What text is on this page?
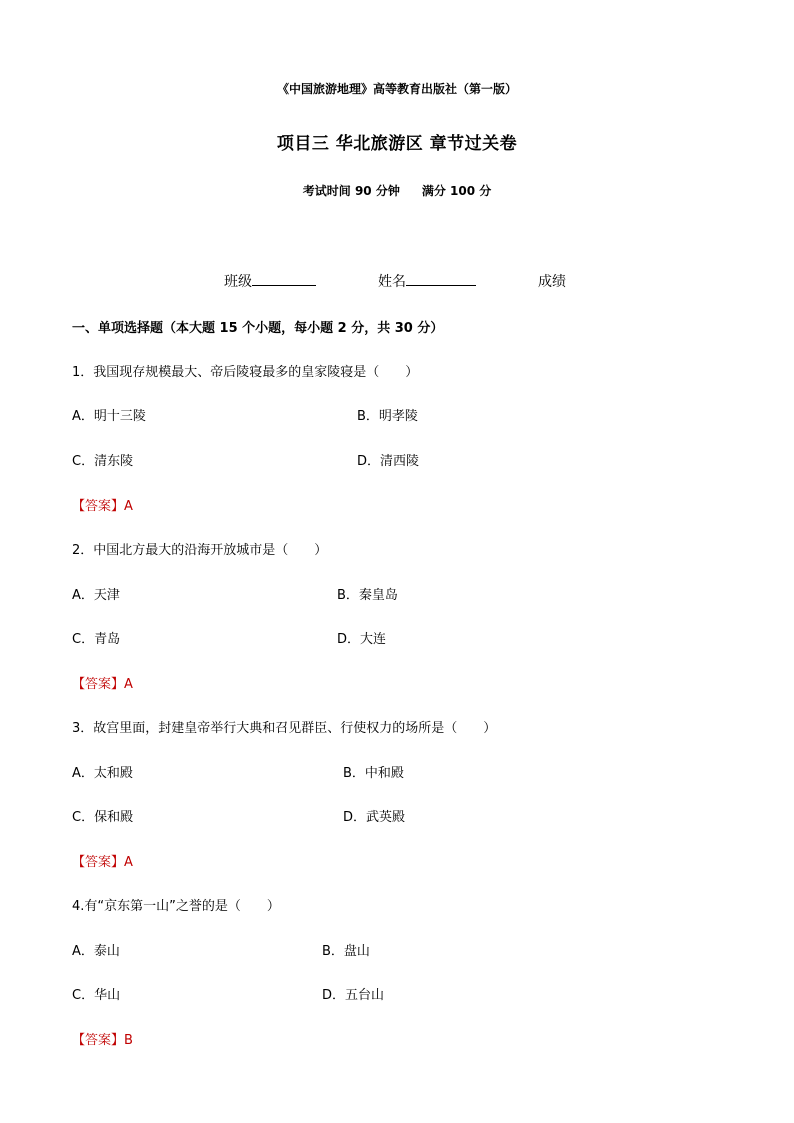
《中国旅游地理》高等教育出版社（第一版）
项目三 华北旅游区 章节过关卷
考试时间 90 分钟 满分 100 分
班级	姓名	成绩
一、单项选择题（本大题 15 个小题，每小题 2 分，共 30 分）
1．我国现存规模最大、帝后陵寝最多的皇家陵寝是（　　）
A．明十三陵	B．明孝陵
C．清东陵	D．清西陵
【答案】A
2．中国北方最大的沿海开放城市是（　　）
A．天津	B．秦皇岛
C．青岛	D．大连
【答案】A
3．故宫里面，封建皇帝举行大典和召见群臣、行使权力的场所是（　　）
A．太和殿	B．中和殿
C．保和殿	D．武英殿
【答案】A
4.有“京东第一山”之誉的是（　　）
A．泰山	B．盘山
C．华山	D．五台山
【答案】B
